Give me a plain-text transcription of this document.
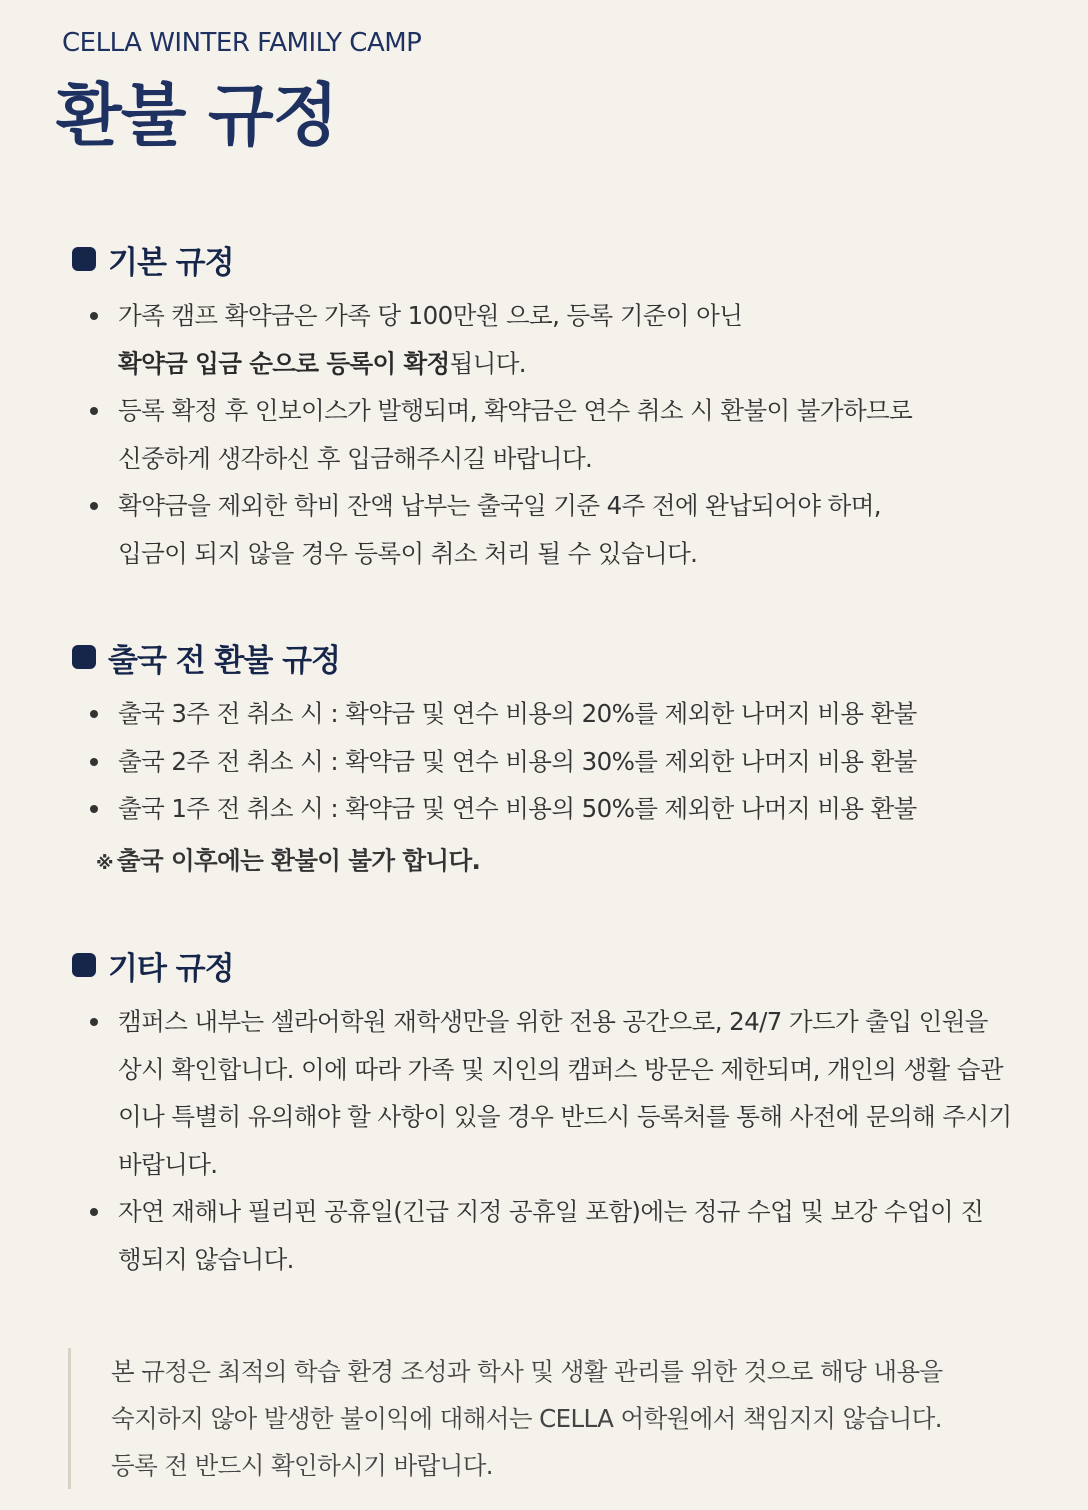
CELLA WINTER FAMILY CAMP
환불 규정
기본 규정
가족 캠프 확약금은 가족 당 100만원 으로, 등록 기준이 아닌
확약금 입금 순으로 등록이 확정됩니다.
등록 확정 후 인보이스가 발행되며, 확약금은 연수 취소 시 환불이 불가하므로
신중하게 생각하신 후 입금해주시길 바랍니다.
확약금을 제외한 학비 잔액 납부는 출국일 기준 4주 전에 완납되어야 하며,
입금이 되지 않을 경우 등록이 취소 처리 될 수 있습니다.
출국 전 환불 규정
출국 3주 전 취소 시 : 확약금 및 연수 비용의 20%를 제외한 나머지 비용 환불
출국 2주 전 취소 시 : 확약금 및 연수 비용의 30%를 제외한 나머지 비용 환불
출국 1주 전 취소 시 : 확약금 및 연수 비용의 50%를 제외한 나머지 비용 환불
※ 출국 이후에는 환불이 불가 합니다.
기타 규정
캠퍼스 내부는 셀라어학원 재학생만을 위한 전용 공간으로, 24/7 가드가 출입 인원을
상시 확인합니다. 이에 따라 가족 및 지인의 캠퍼스 방문은 제한되며, 개인의 생활 습관
이나 특별히 유의해야 할 사항이 있을 경우 반드시 등록처를 통해 사전에 문의해 주시기
바랍니다.
자연 재해나 필리핀 공휴일(긴급 지정 공휴일 포함)에는 정규 수업 및 보강 수업이 진
행되지 않습니다.
본 규정은 최적의 학습 환경 조성과 학사 및 생활 관리를 위한 것으로 해당 내용을
숙지하지 않아 발생한 불이익에 대해서는 CELLA 어학원에서 책임지지 않습니다.
등록 전 반드시 확인하시기 바랍니다.
